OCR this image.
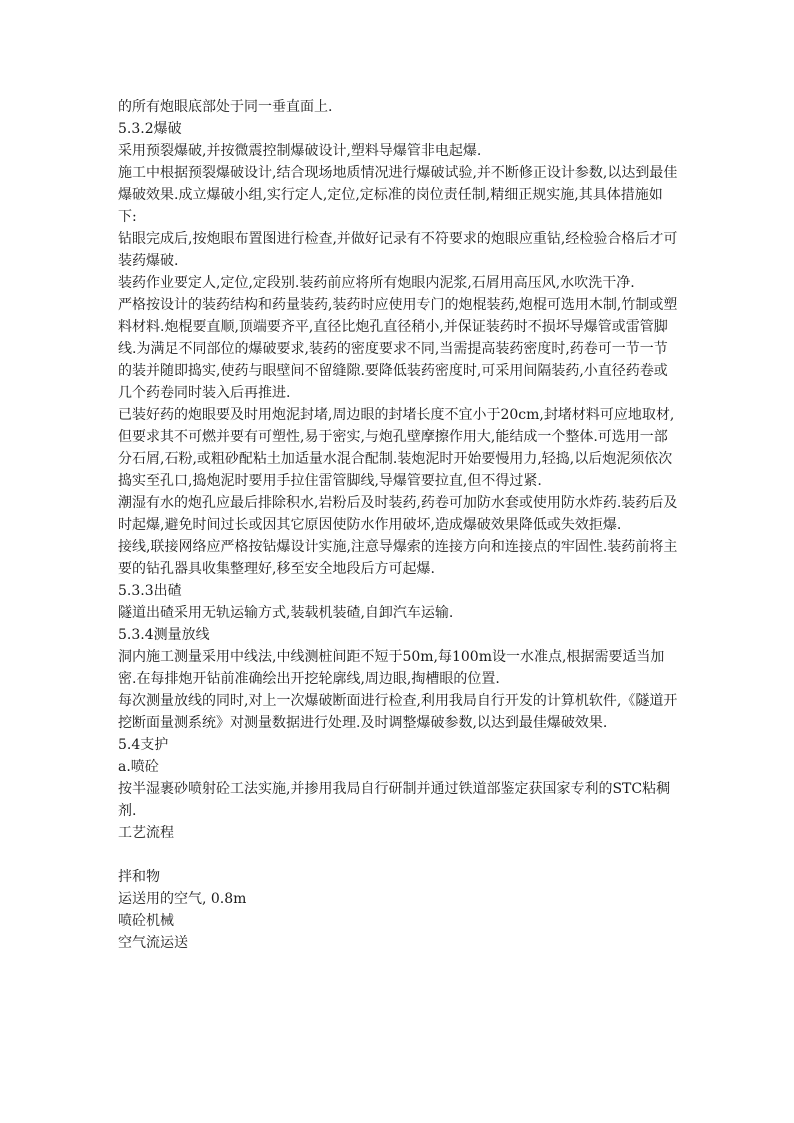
的所有炮眼底部处于同一垂直面上.

5.3.2爆破

采用预裂爆破,并按微震控制爆破设计,塑料导爆管非电起爆.

施工中根据预裂爆破设计,结合现场地质情况进行爆破试验,并不断修正设计参数,以达到最佳爆破效果.成立爆破小组,实行定人,定位,定标准的岗位责任制,精细正规实施,其具体措施如下:

钻眼完成后,按炮眼布置图进行检查,并做好记录有不符要求的炮眼应重钻,经检验合格后才可装药爆破.

装药作业要定人,定位,定段别.装药前应将所有炮眼内泥浆,石屑用高压风,水吹洗干净.

严格按设计的装药结构和药量装药,装药时应使用专门的炮棍装药,炮棍可选用木制,竹制或塑料材料.炮棍要直顺,顶端要齐平,直径比炮孔直径稍小,并保证装药时不损坏导爆管或雷管脚线.为满足不同部位的爆破要求,装药的密度要求不同,当需提高装药密度时,药卷可一节一节的装并随即捣实,使药与眼壁间不留缝隙.要降低装药密度时,可采用间隔装药,小直径药卷或几个药卷同时装入后再推进.

已装好药的炮眼要及时用炮泥封堵,周边眼的封堵长度不宜小于20cm,封堵材料可应地取材,但要求其不可燃并要有可塑性,易于密实,与炮孔壁摩擦作用大,能结成一个整体.可选用一部分石屑,石粉,或粗砂配粘土加适量水混合配制.装炮泥时开始要慢用力,轻捣,以后炮泥须依次捣实至孔口,捣炮泥时要用手拉住雷管脚线,导爆管要拉直,但不得过紧.

潮湿有水的炮孔应最后排除积水,岩粉后及时装药,药卷可加防水套或使用防水炸药.装药后及时起爆,避免时间过长或因其它原因使防水作用破坏,造成爆破效果降低或失效拒爆.

接线,联接网络应严格按钻爆设计实施,注意导爆索的连接方向和连接点的牢固性.装药前将主要的钻孔器具收集整理好,移至安全地段后方可起爆.

5.3.3出碴

隧道出碴采用无轨运输方式,装载机装碴,自卸汽车运输.

5.3.4测量放线

洞内施工测量采用中线法,中线测桩间距不短于50m,每100m设一水准点,根据需要适当加密.在每排炮开钻前准确绘出开挖轮廓线,周边眼,掏槽眼的位置.

每次测量放线的同时,对上一次爆破断面进行检查,利用我局自行开发的计算机软件,《隧道开挖断面量测系统》对测量数据进行处理.及时调整爆破参数,以达到最佳爆破效果.

5.4支护

a.喷砼

按半湿裹砂喷射砼工法实施,并掺用我局自行研制并通过铁道部鉴定获国家专利的STC粘稠剂.

工艺流程

拌和物

运送用的空气, 0.8m

喷砼机械

空气流运送
